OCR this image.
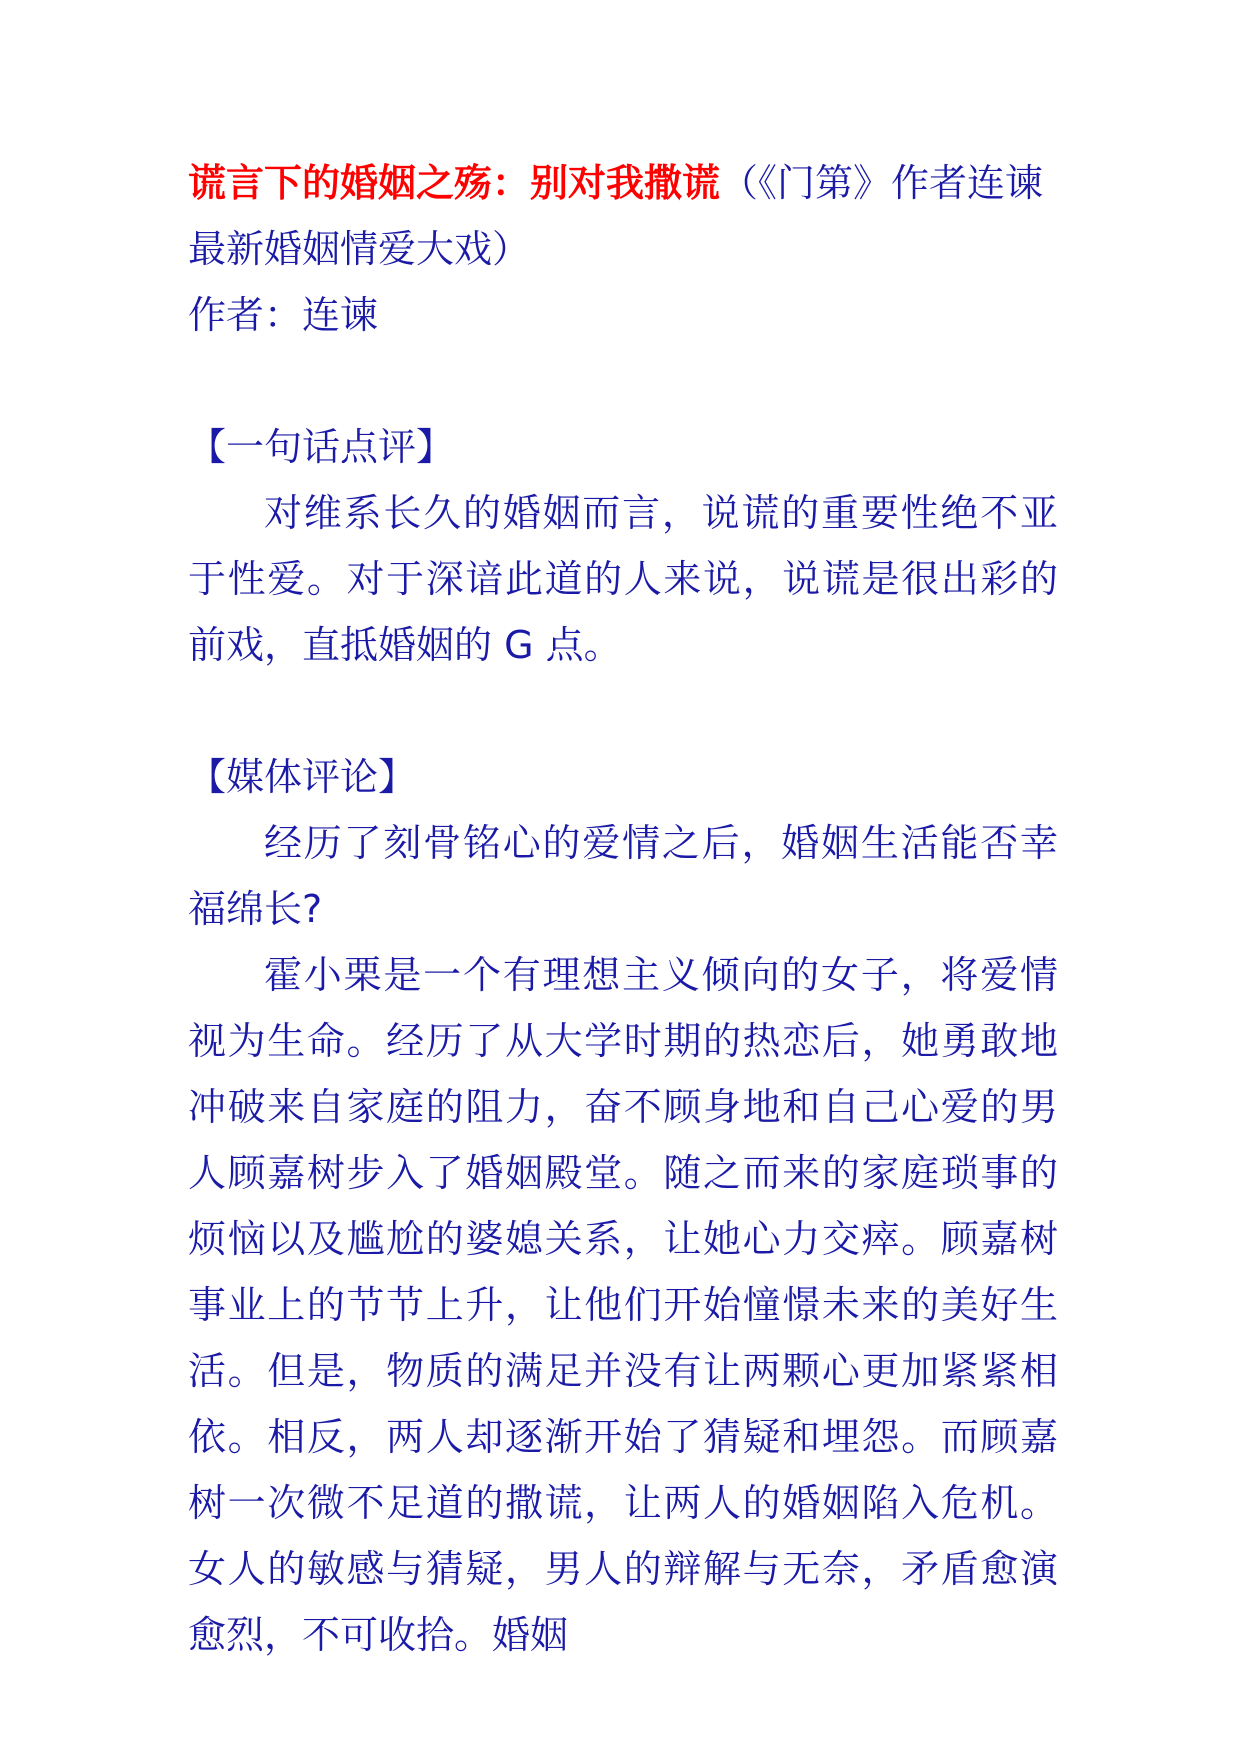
谎言下的婚姻之殇：别对我撒谎（《门第》作者连谏最新婚姻情爱大戏）

作者：连谏

【一句话点评】

对维系长久的婚姻而言，说谎的重要性绝不亚于性爱。对于深谙此道的人来说，说谎是很出彩的前戏，直抵婚姻的 G 点。

【媒体评论】

经历了刻骨铭心的爱情之后，婚姻生活能否幸福绵长?

霍小栗是一个有理想主义倾向的女子，将爱情视为生命。经历了从大学时期的热恋后，她勇敢地冲破来自家庭的阻力，奋不顾身地和自己心爱的男人顾嘉树步入了婚姻殿堂。随之而来的家庭琐事的烦恼以及尴尬的婆媳关系，让她心力交瘁。顾嘉树事业上的节节上升，让他们开始憧憬未来的美好生活。但是，物质的满足并没有让两颗心更加紧紧相依。相反，两人却逐渐开始了猜疑和埋怨。而顾嘉树一次微不足道的撒谎，让两人的婚姻陷入危机。女人的敏感与猜疑，男人的辩解与无奈，矛盾愈演愈烈，不可收拾。婚姻
